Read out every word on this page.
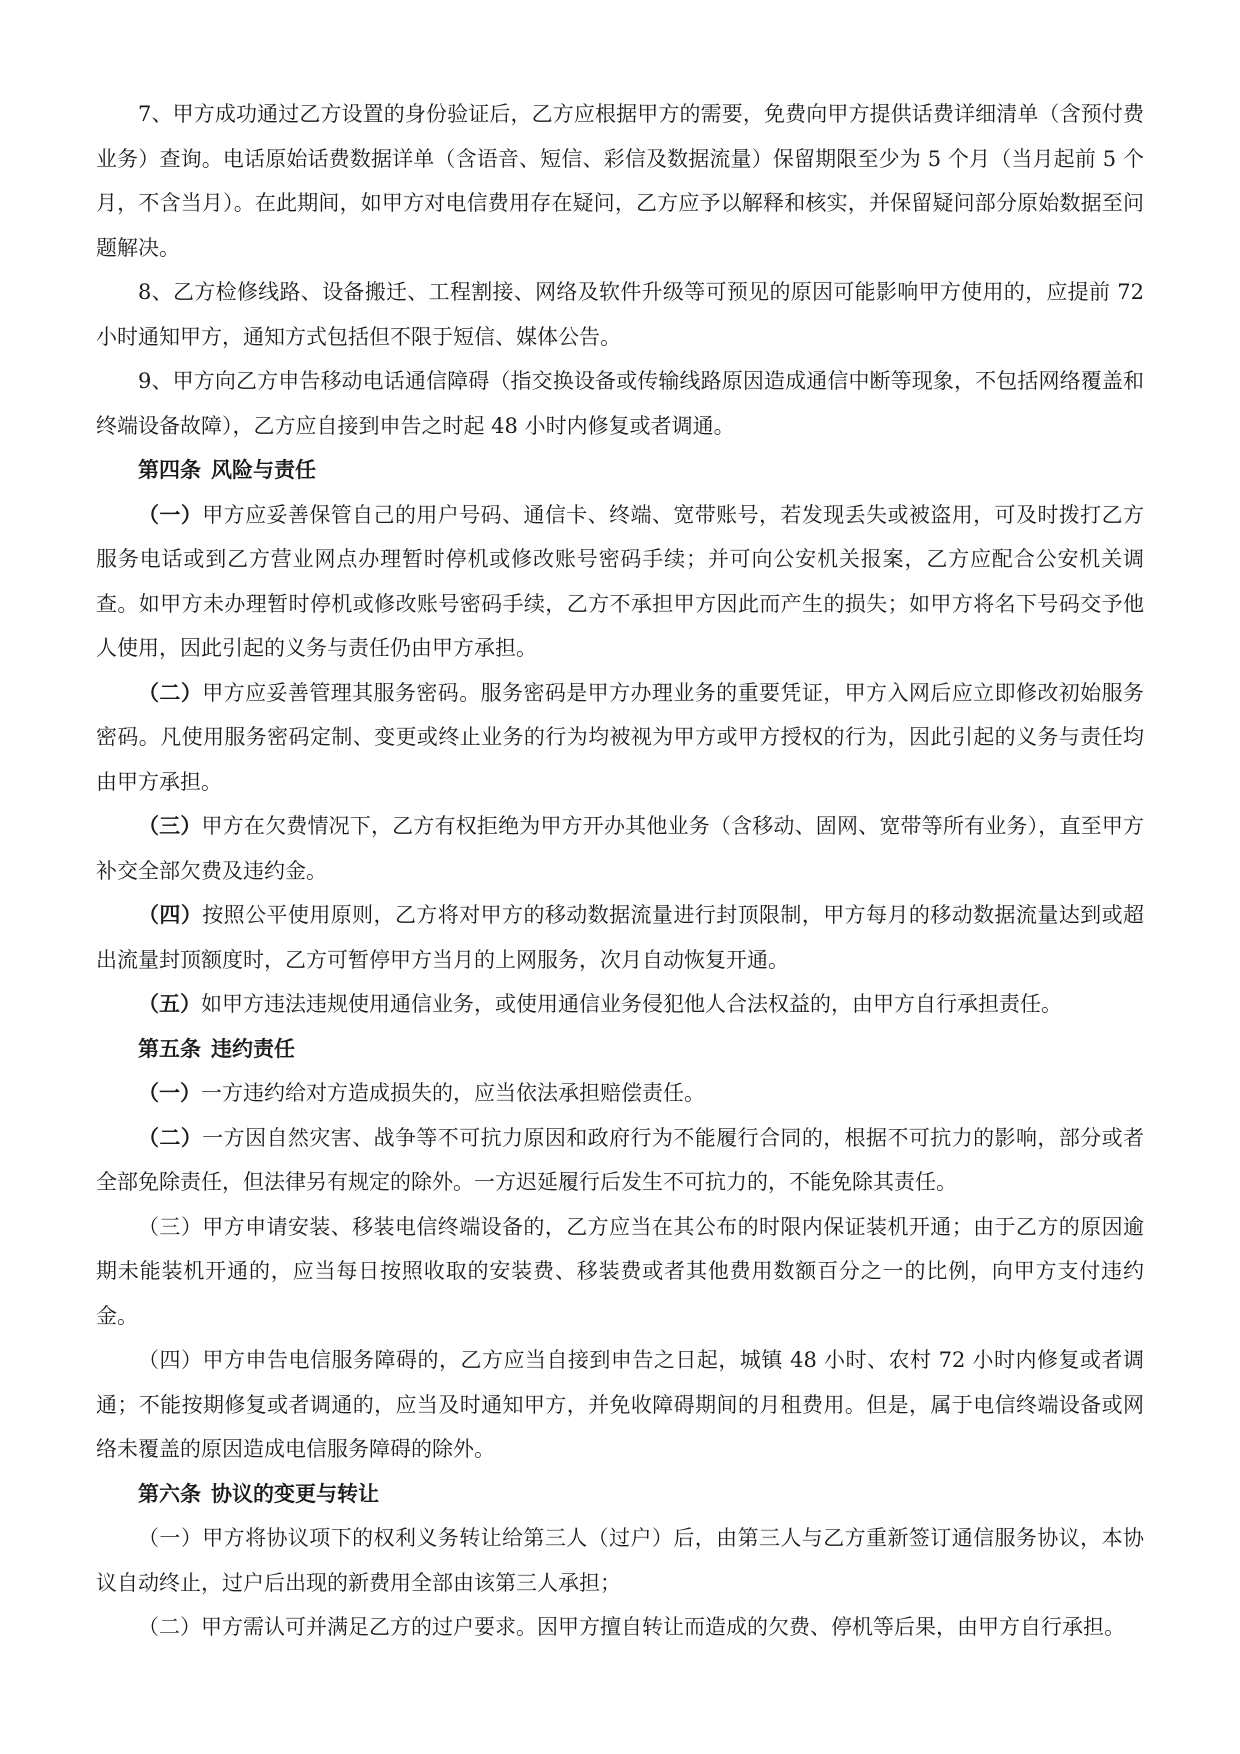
7、甲方成功通过乙方设置的身份验证后，乙方应根据甲方的需要，免费向甲方提供话费详细清单（含预付费业务）查询。电话原始话费数据详单（含语音、短信、彩信及数据流量）保留期限至少为 5 个月（当月起前 5 个月，不含当月）。在此期间，如甲方对电信费用存在疑问，乙方应予以解释和核实，并保留疑问部分原始数据至问题解决。

8、乙方检修线路、设备搬迁、工程割接、网络及软件升级等可预见的原因可能影响甲方使用的，应提前 72 小时通知甲方，通知方式包括但不限于短信、媒体公告。

9、甲方向乙方申告移动电话通信障碍（指交换设备或传输线路原因造成通信中断等现象，不包括网络覆盖和终端设备故障），乙方应自接到申告之时起 48 小时内修复或者调通。

第四条 风险与责任

（一）甲方应妥善保管自己的用户号码、通信卡、终端、宽带账号，若发现丢失或被盗用，可及时拨打乙方服务电话或到乙方营业网点办理暂时停机或修改账号密码手续；并可向公安机关报案，乙方应配合公安机关调查。如甲方未办理暂时停机或修改账号密码手续，乙方不承担甲方因此而产生的损失；如甲方将名下号码交予他人使用，因此引起的义务与责任仍由甲方承担。

（二）甲方应妥善管理其服务密码。服务密码是甲方办理业务的重要凭证，甲方入网后应立即修改初始服务密码。凡使用服务密码定制、变更或终止业务的行为均被视为甲方或甲方授权的行为，因此引起的义务与责任均由甲方承担。

（三）甲方在欠费情况下，乙方有权拒绝为甲方开办其他业务（含移动、固网、宽带等所有业务），直至甲方补交全部欠费及违约金。

（四）按照公平使用原则，乙方将对甲方的移动数据流量进行封顶限制，甲方每月的移动数据流量达到或超出流量封顶额度时，乙方可暂停甲方当月的上网服务，次月自动恢复开通。

（五）如甲方违法违规使用通信业务，或使用通信业务侵犯他人合法权益的，由甲方自行承担责任。

第五条 违约责任

（一）一方违约给对方造成损失的，应当依法承担赔偿责任。

（二）一方因自然灾害、战争等不可抗力原因和政府行为不能履行合同的，根据不可抗力的影响，部分或者全部免除责任，但法律另有规定的除外。一方迟延履行后发生不可抗力的，不能免除其责任。

（三）甲方申请安装、移装电信终端设备的，乙方应当在其公布的时限内保证装机开通；由于乙方的原因逾期未能装机开通的，应当每日按照收取的安装费、移装费或者其他费用数额百分之一的比例，向甲方支付违约金。

（四）甲方申告电信服务障碍的，乙方应当自接到申告之日起，城镇 48 小时、农村 72 小时内修复或者调通；不能按期修复或者调通的，应当及时通知甲方，并免收障碍期间的月租费用。但是，属于电信终端设备或网络未覆盖的原因造成电信服务障碍的除外。

第六条 协议的变更与转让

（一）甲方将协议项下的权利义务转让给第三人（过户）后，由第三人与乙方重新签订通信服务协议，本协议自动终止，过户后出现的新费用全部由该第三人承担；

（二）甲方需认可并满足乙方的过户要求。因甲方擅自转让而造成的欠费、停机等后果，由甲方自行承担。
